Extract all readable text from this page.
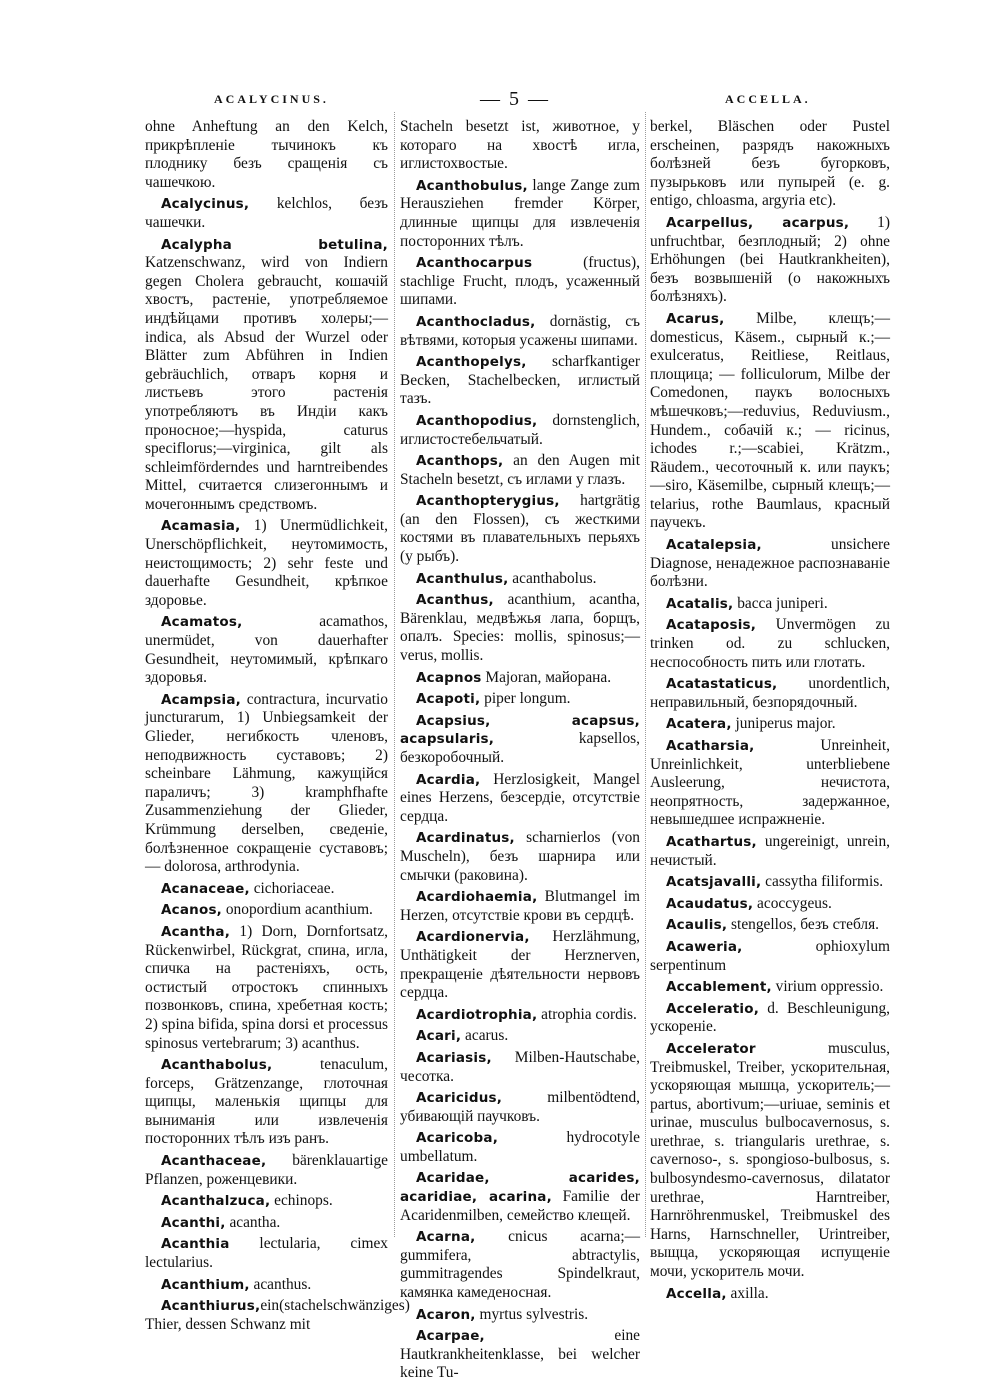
ACALYCINUS.	— 5 —	ACCELLA.

ohne Anheftung an den Kelch, прикрѣпленіе тычинокъ къ плоднику безъ сращенія съ чашечкою.

Acalycinus, kelchlos, безъ чашечки.

Acalypha betulina, Katzenschwanz, wird von Indiern gegen Cholera gebraucht, кошачій хвостъ, растеніе, употребляемое индѣйцами противъ холеры;—indica, als Absud der Wurzel oder Blätter zum Abführen in Indien gebräuchlich, отваръ корня и листьевъ этого растенія употребляютъ въ Индіи какъ проносное;—hyspida, caturus speciflorus;—virginica, gilt als schleimförderndes und harntreibendes Mittel, считается слизегоннымъ и мочегоннымъ средствомъ.

Acamasia, 1) Unermüdlichkeit, Unerschöpflichkeit, неутомимость, неистощимость; 2) sehr feste und dauerhafte Gesundheit, крѣпкое здоровье.

Acamatos, acamathos, unermüdet, von dauerhafter Gesundheit, неутомимый, крѣпкаго здоровья.

Acampsia, contractura, incurvatio juncturarum, 1) Unbiegsamkeit der Glieder, негибкость членовъ, неподвижность суставовъ; 2) scheinbare Lähmung, кажущійся параличъ; 3) kramphfhafte Zusammenziehung der Glieder, Krümmung derselben, сведеніе, болѣзненное сокращеніе суставовъ; — dolorosa, arthrodynia.

Acanaceae, cichoriaceae.

Acanos, onopordium acanthium.

Acantha, 1) Dorn, Dornfortsatz, Rückenwirbel, Rückgrat, спина, игла, спичка на растеніяхъ, ость, остистый отростокъ спинныхъ позвонковъ, спина, хребетная кость; 2) spina bifida, spina dorsi et processus spinosus vertebrarum; 3) acanthus.

Acanthabolus, tenaculum, forceps, Grätzenzange, глоточная щипцы, маленькія щипцы для выниманія или извлеченія посторонних тѣлъ изъ ранъ.

Acanthaceae, bärenklauartige Pflanzen, роженцевики.

Acanthalzuca, echinops.

Acanthi, acantha.

Acanthia lectularia, cimex lectularius.

Acanthium, acanthus.

Acanthiurus,ein(stachelschwänziges) Thier, dessen Schwanz mit

Stacheln besetzt ist, животное, у котораго на хвостѣ игла, иглистохвостые.

Acanthobulus, lange Zange zum Herausziehen fremder Körper, длинные щипцы для извлеченія посторонних тѣлъ.

Acanthocarpus (fructus), stachlige Frucht, плодъ, усаженный шипами.

Acanthocladus, dornästig, съ вѣтвями, которыя усажены шипами.

Acanthopelys, scharfkantiger Becken, Stachelbecken, иглистый тазъ.

Acanthopodius, dornstenglich, иглистостебельчатый.

Acanthops, an den Augen mit Stacheln besetzt, съ иглами у глазъ.

Acanthopterygius, hartgrätig (an den Flossen), съ жесткими костями въ плавательныхъ перьяхъ (у рыбъ).

Acanthulus, acanthabolus.

Acanthus, acanthium, acantha, Bärenklau, медвѣжья лапа, борщъ, опалъ. Species: mollis, spinosus;—verus, mollis.

Acapnos Majoran, майорана.

Acapoti, piper longum.

Acapsius, acapsus, acapsularis, kapsellos, безкоробочный.

Acardia, Herzlosigkeit, Mangel eines Herzens, безсердіе, отсутствіе сердца.

Acardinatus, scharnierlos (von Muscheln), безъ шарнира или смычки (раковина).

Acardiohaemia, Blutmangel im Herzen, отсутствіе крови въ сердцѣ.

Acardionervia, Herzlähmung, Unthätigkeit der Herznerven, прекращеніе дѣятельности нервовъ сердца.

Acardiotrophia, atrophia cordis.

Acari, acarus.

Acariasis, Milben-Hautschabe, чесотка.

Acaricidus, milbentödtend, убивающій паучковъ.

Acaricoba, hydrocotyle umbellatum.

Acaridae, acarides, acaridiae, acarina, Familie der Acaridenmilben, семейство клещей.

Acarna, cnicus acarna;—gummifera, abtractylis, gummitragendes Spindelkraut, камянка камеденосная.

Acaron, myrtus sylvestris.

Acarpae, eine Hautkrankheitenklasse, bei welcher keine Tu-

berkel, Bläschen oder Pustel erscheinen, разрядъ накожныхъ болѣзней безъ бугорковъ, пузырьковъ или пупырей (e. g. entigo, chloasma, argyria etc).

Acarpellus, acarpus, 1) unfruchtbar, безплодный; 2) ohne Erhöhungen (bei Hautkrankheiten), безъ возвышеній (о накожныхъ болѣзняхъ).

Acarus, Milbe, клещъ;—domesticus, Käsem., сырный к.;—exulceratus, Reitliese, Reitlaus, площица; — folliculorum, Milbe der Comedonen, паукъ волосныхъ мѣшечковъ;—reduvius, Reduviusm., Hundem., собачій к.; — ricinus, ichodes r.;—scabiei, Krätzm., Räudem., чесоточный к. или паукъ;—siro, Käsemilbe, сырный клещъ;—telarius, rothe Baumlaus, красный паучекъ.

Acatalepsia, unsichere Diagnose, ненадежное распознаваніе болѣзни.

Acatalis, bacca juniperi.

Acataposis, Unvermögen zu trinken od. zu schlucken, неспособность пить или глотать.

Acatastaticus, unordentlich, неправильный, безпорядочный.

Acatera, juniperus major.

Acatharsia, Unreinheit, Unreinlichkeit, unterbliebene Ausleerung, нечистота, неопрятность, задержанное, невышедшее испражненіе.

Acathartus, ungereinigt, unrein, нечистый.

Acatsjavalli, cassytha filiformis.

Acaudatus, acoccygeus.

Acaulis, stengellos, безъ стебля.

Acaweria, ophioxylum serpentinum

Accablement, virium oppressio.

Acceleratio, d. Beschleunigung, ускореніе.

Accelerator musculus, Treibmuskel, Treiber, ускорительная, ускоряющая мышца, ускоритель;—partus, abortivum;—uriuae, seminis et urinae, musculus bulbocavernosus, s. urethrae, s. triangularis urethrae, s. cavernoso-, s. spongioso-bulbosus, s. bulbosyndesmo-cavernosus, dilatator urethrae, Harntreiber, Harnröhrenmuskel, Treibmuskel des Harns, Harnschneller, Urintreiber, выщца, ускоряющая испущеніе мочи, ускоритель мочи.

Accella, axilla.
